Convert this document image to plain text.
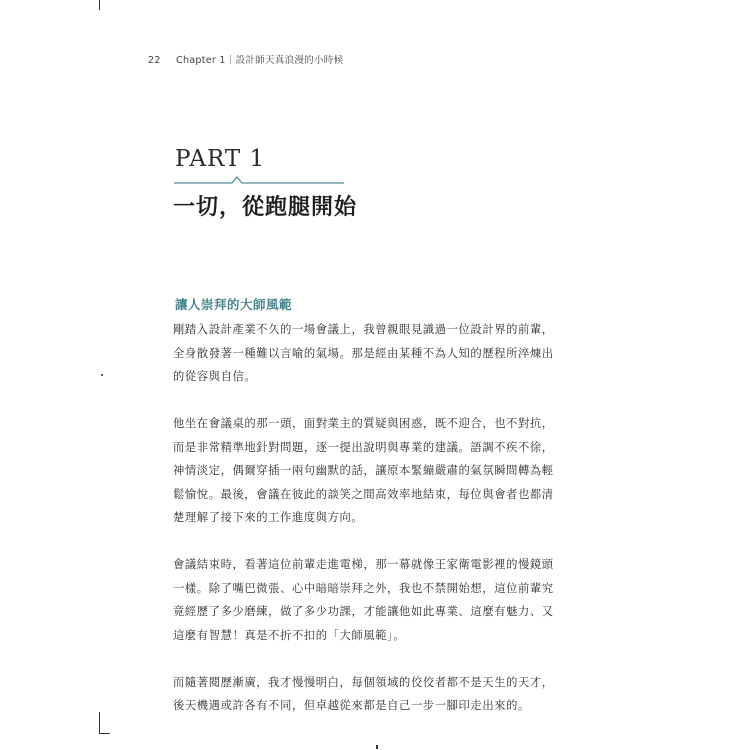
22 Chapter 1｜設計師天真浪漫的小時候
PART 1
一切，從跑腿開始
讓人崇拜的大師風範
剛踏入設計產業不久的一場會議上，我曾親眼見識過一位設計界的前輩，
全身散發著一種難以言喻的氣場。那是經由某種不為人知的歷程所淬煉出
的從容與自信。
他坐在會議桌的那一頭，面對業主的質疑與困惑，既不迎合，也不對抗，
而是非常精準地針對問題，逐一提出說明與專業的建議。語調不疾不徐，
神情淡定，偶爾穿插一兩句幽默的話，讓原本緊繃嚴肅的氣氛瞬間轉為輕
鬆愉悅。最後，會議在彼此的談笑之間高效率地結束，每位與會者也都清
楚理解了接下來的工作進度與方向。
會議結束時，看著這位前輩走進電梯，那一幕就像王家衛電影裡的慢鏡頭
一樣。除了嘴巴微張、心中暗暗崇拜之外，我也不禁開始想，這位前輩究
竟經歷了多少磨練，做了多少功課，才能讓他如此專業、這麼有魅力、又
這麼有智慧！真是不折不扣的「大師風範」。
而隨著閱歷漸廣，我才慢慢明白，每個領域的佼佼者都不是天生的天才，
後天機遇或許各有不同，但卓越從來都是自己一步一腳印走出來的。
